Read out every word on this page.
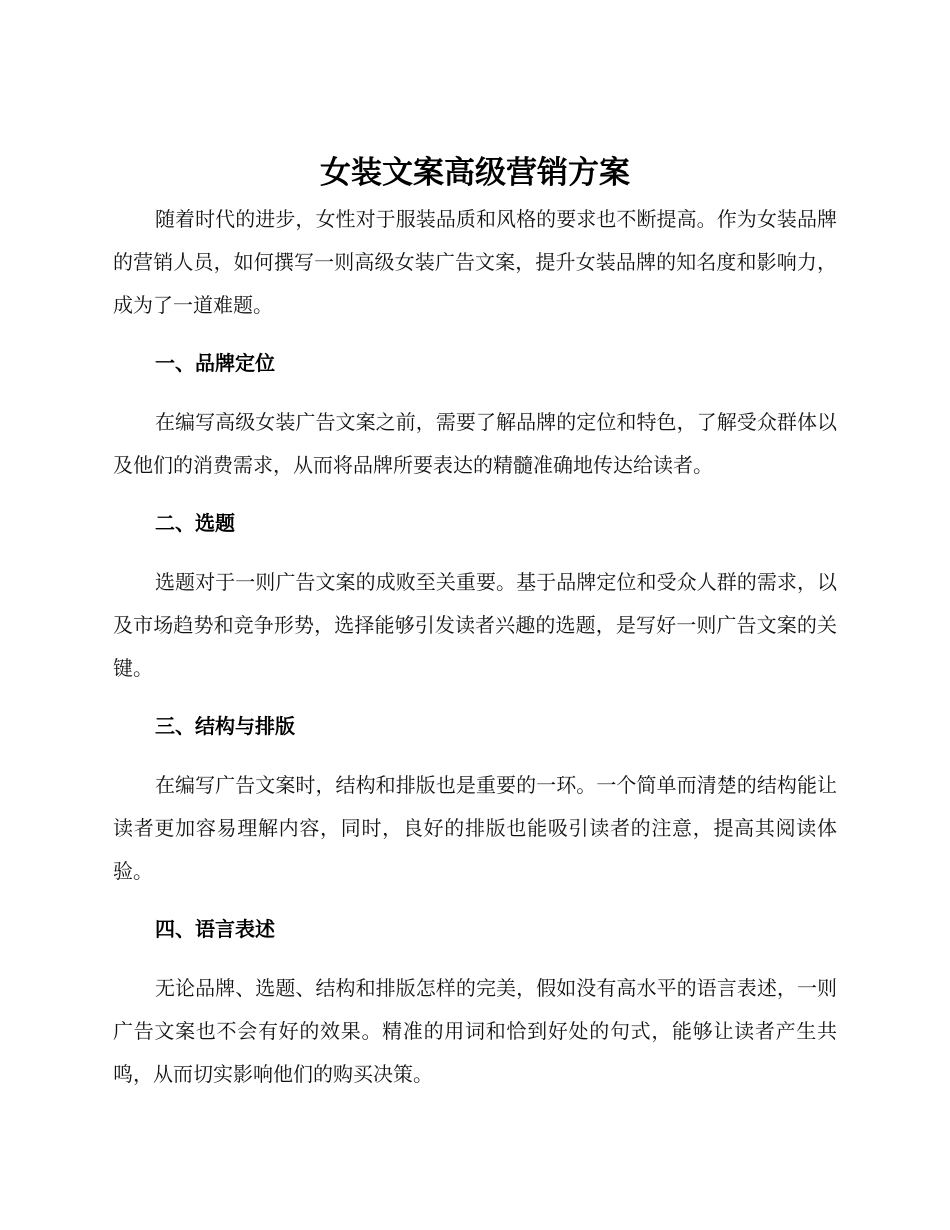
女装文案高级营销方案

随着时代的进步，女性对于服装品质和风格的要求也不断提高。作为女装品牌的营销人员，如何撰写一则高级女装广告文案，提升女装品牌的知名度和影响力，成为了一道难题。

一、品牌定位

在编写高级女装广告文案之前，需要了解品牌的定位和特色，了解受众群体以及他们的消费需求，从而将品牌所要表达的精髓准确地传达给读者。

二、选题

选题对于一则广告文案的成败至关重要。基于品牌定位和受众人群的需求，以及市场趋势和竞争形势，选择能够引发读者兴趣的选题，是写好一则广告文案的关键。

三、结构与排版

在编写广告文案时，结构和排版也是重要的一环。一个简单而清楚的结构能让读者更加容易理解内容，同时，良好的排版也能吸引读者的注意，提高其阅读体验。

四、语言表述

无论品牌、选题、结构和排版怎样的完美，假如没有高水平的语言表述，一则广告文案也不会有好的效果。精准的用词和恰到好处的句式，能够让读者产生共鸣，从而切实影响他们的购买决策。
